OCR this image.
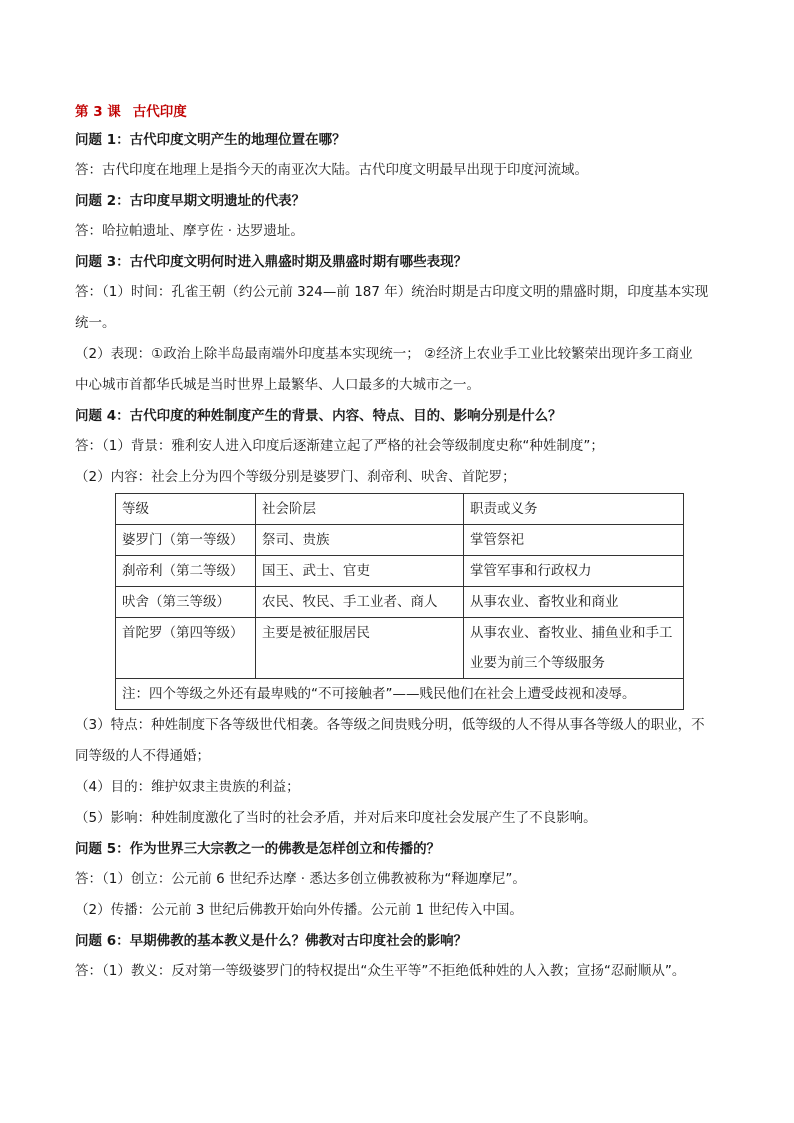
第 3 课 古代印度
问题 1：古代印度文明产生的地理位置在哪？
答：古代印度在地理上是指今天的南亚次大陆。古代印度文明最早出现于印度河流域。
问题 2：古印度早期文明遗址的代表？
答：哈拉帕遗址、摩亨佐 · 达罗遗址。
问题 3：古代印度文明何时进入鼎盛时期及鼎盛时期有哪些表现？
答：（1）时间：孔雀王朝（约公元前 324—前 187 年）统治时期是古印度文明的鼎盛时期，印度基本实现
统一。
（2）表现：①政治上除半岛最南端外印度基本实现统一； ②经济上农业手工业比较繁荣出现许多工商业
中心城市首都华氏城是当时世界上最繁华、人口最多的大城市之一。
问题 4：古代印度的种姓制度产生的背景、内容、特点、目的、影响分别是什么？
答：（1）背景：雅利安人进入印度后逐渐建立起了严格的社会等级制度史称“种姓制度”；
（2）内容：社会上分为四个等级分别是婆罗门、刹帝利、吠舍、首陀罗；
等级	社会阶层	职责或义务
婆罗门（第一等级）	祭司、贵族	掌管祭祀
刹帝利（第二等级）	国王、武士、官吏	掌管军事和行政权力
吠舍（第三等级）	农民、牧民、手工业者、商人	从事农业、畜牧业和商业
首陀罗（第四等级）	主要是被征服居民	从事农业、畜牧业、捕鱼业和手工业要为前三个等级服务
注：四个等级之外还有最卑贱的“不可接触者”——贱民他们在社会上遭受歧视和凌辱。		
（3）特点：种姓制度下各等级世代相袭。各等级之间贵贱分明，低等级的人不得从事各等级人的职业，不
同等级的人不得通婚；
（4）目的：维护奴隶主贵族的利益；
（5）影响：种姓制度激化了当时的社会矛盾，并对后来印度社会发展产生了不良影响。
问题 5：作为世界三大宗教之一的佛教是怎样创立和传播的？
答：（1）创立：公元前 6 世纪乔达摩 · 悉达多创立佛教被称为“释迦摩尼”。
（2）传播：公元前 3 世纪后佛教开始向外传播。公元前 1 世纪传入中国。
问题 6：早期佛教的基本教义是什么？佛教对古印度社会的影响？
答：（1）教义：反对第一等级婆罗门的特权提出“众生平等”不拒绝低种姓的人入教；宣扬“忍耐顺从”。
